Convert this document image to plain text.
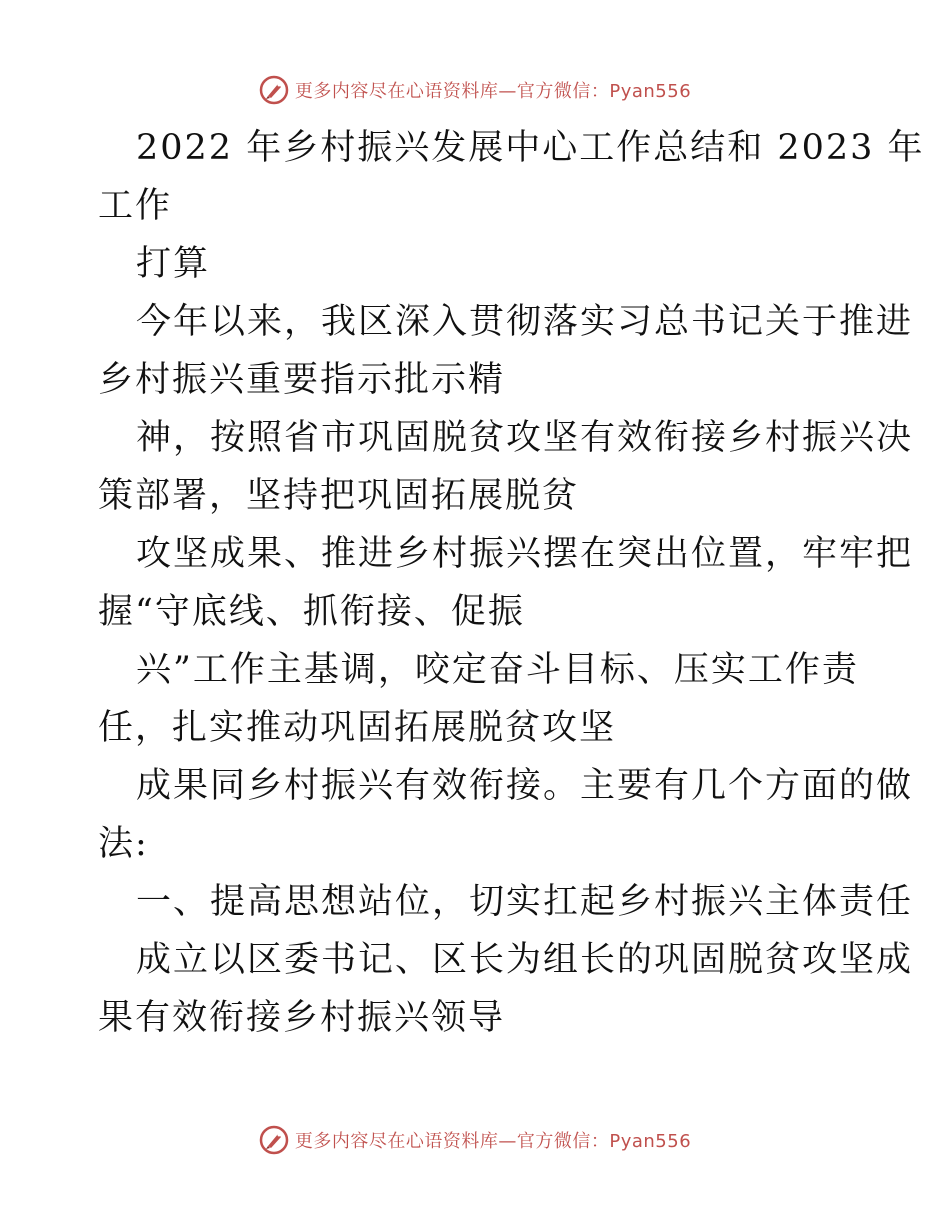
更多内容尽在心语资料库—官方微信：Pyan556
2022 年乡村振兴发展中心工作总结和 2023 年
工作
打算
今年以来，我区深入贯彻落实习总书记关于推进
乡村振兴重要指示批示精
神，按照省市巩固脱贫攻坚有效衔接乡村振兴决
策部署，坚持把巩固拓展脱贫
攻坚成果、推进乡村振兴摆在突出位置，牢牢把
握“守底线、抓衔接、促振
兴”工作主基调，咬定奋斗目标、压实工作责
任，扎实推动巩固拓展脱贫攻坚
成果同乡村振兴有效衔接。主要有几个方面的做
法:
一、提高思想站位，切实扛起乡村振兴主体责任
成立以区委书记、区长为组长的巩固脱贫攻坚成
果有效衔接乡村振兴领导
更多内容尽在心语资料库—官方微信：Pyan556
